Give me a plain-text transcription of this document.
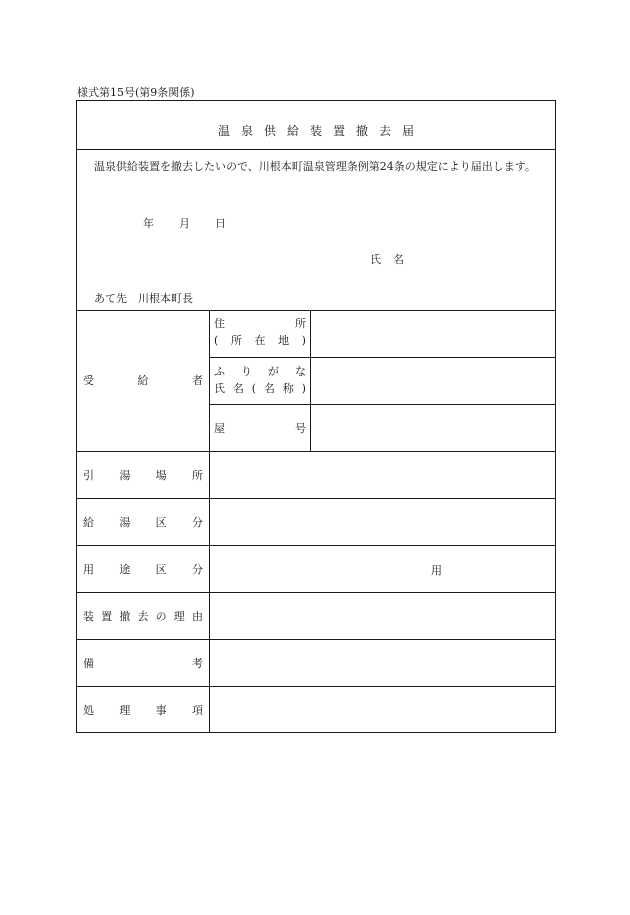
様式第15号(第9条関係)
温泉供給装置撤去届
温泉供給装置を撤去したいので、川根本町温泉管理条例第24条の規定により届出します。
年 月 日
氏名
あて先　川根本町長
受	給	者
住	所
( 所 在 地 )
ふ り が な
氏 名 ( 名 称 )
屋	号
引 湯 場 所
給 湯 区 分
用 途 区 分	用
装 置 撤 去 の 理 由
備	考
処 理 事 項
